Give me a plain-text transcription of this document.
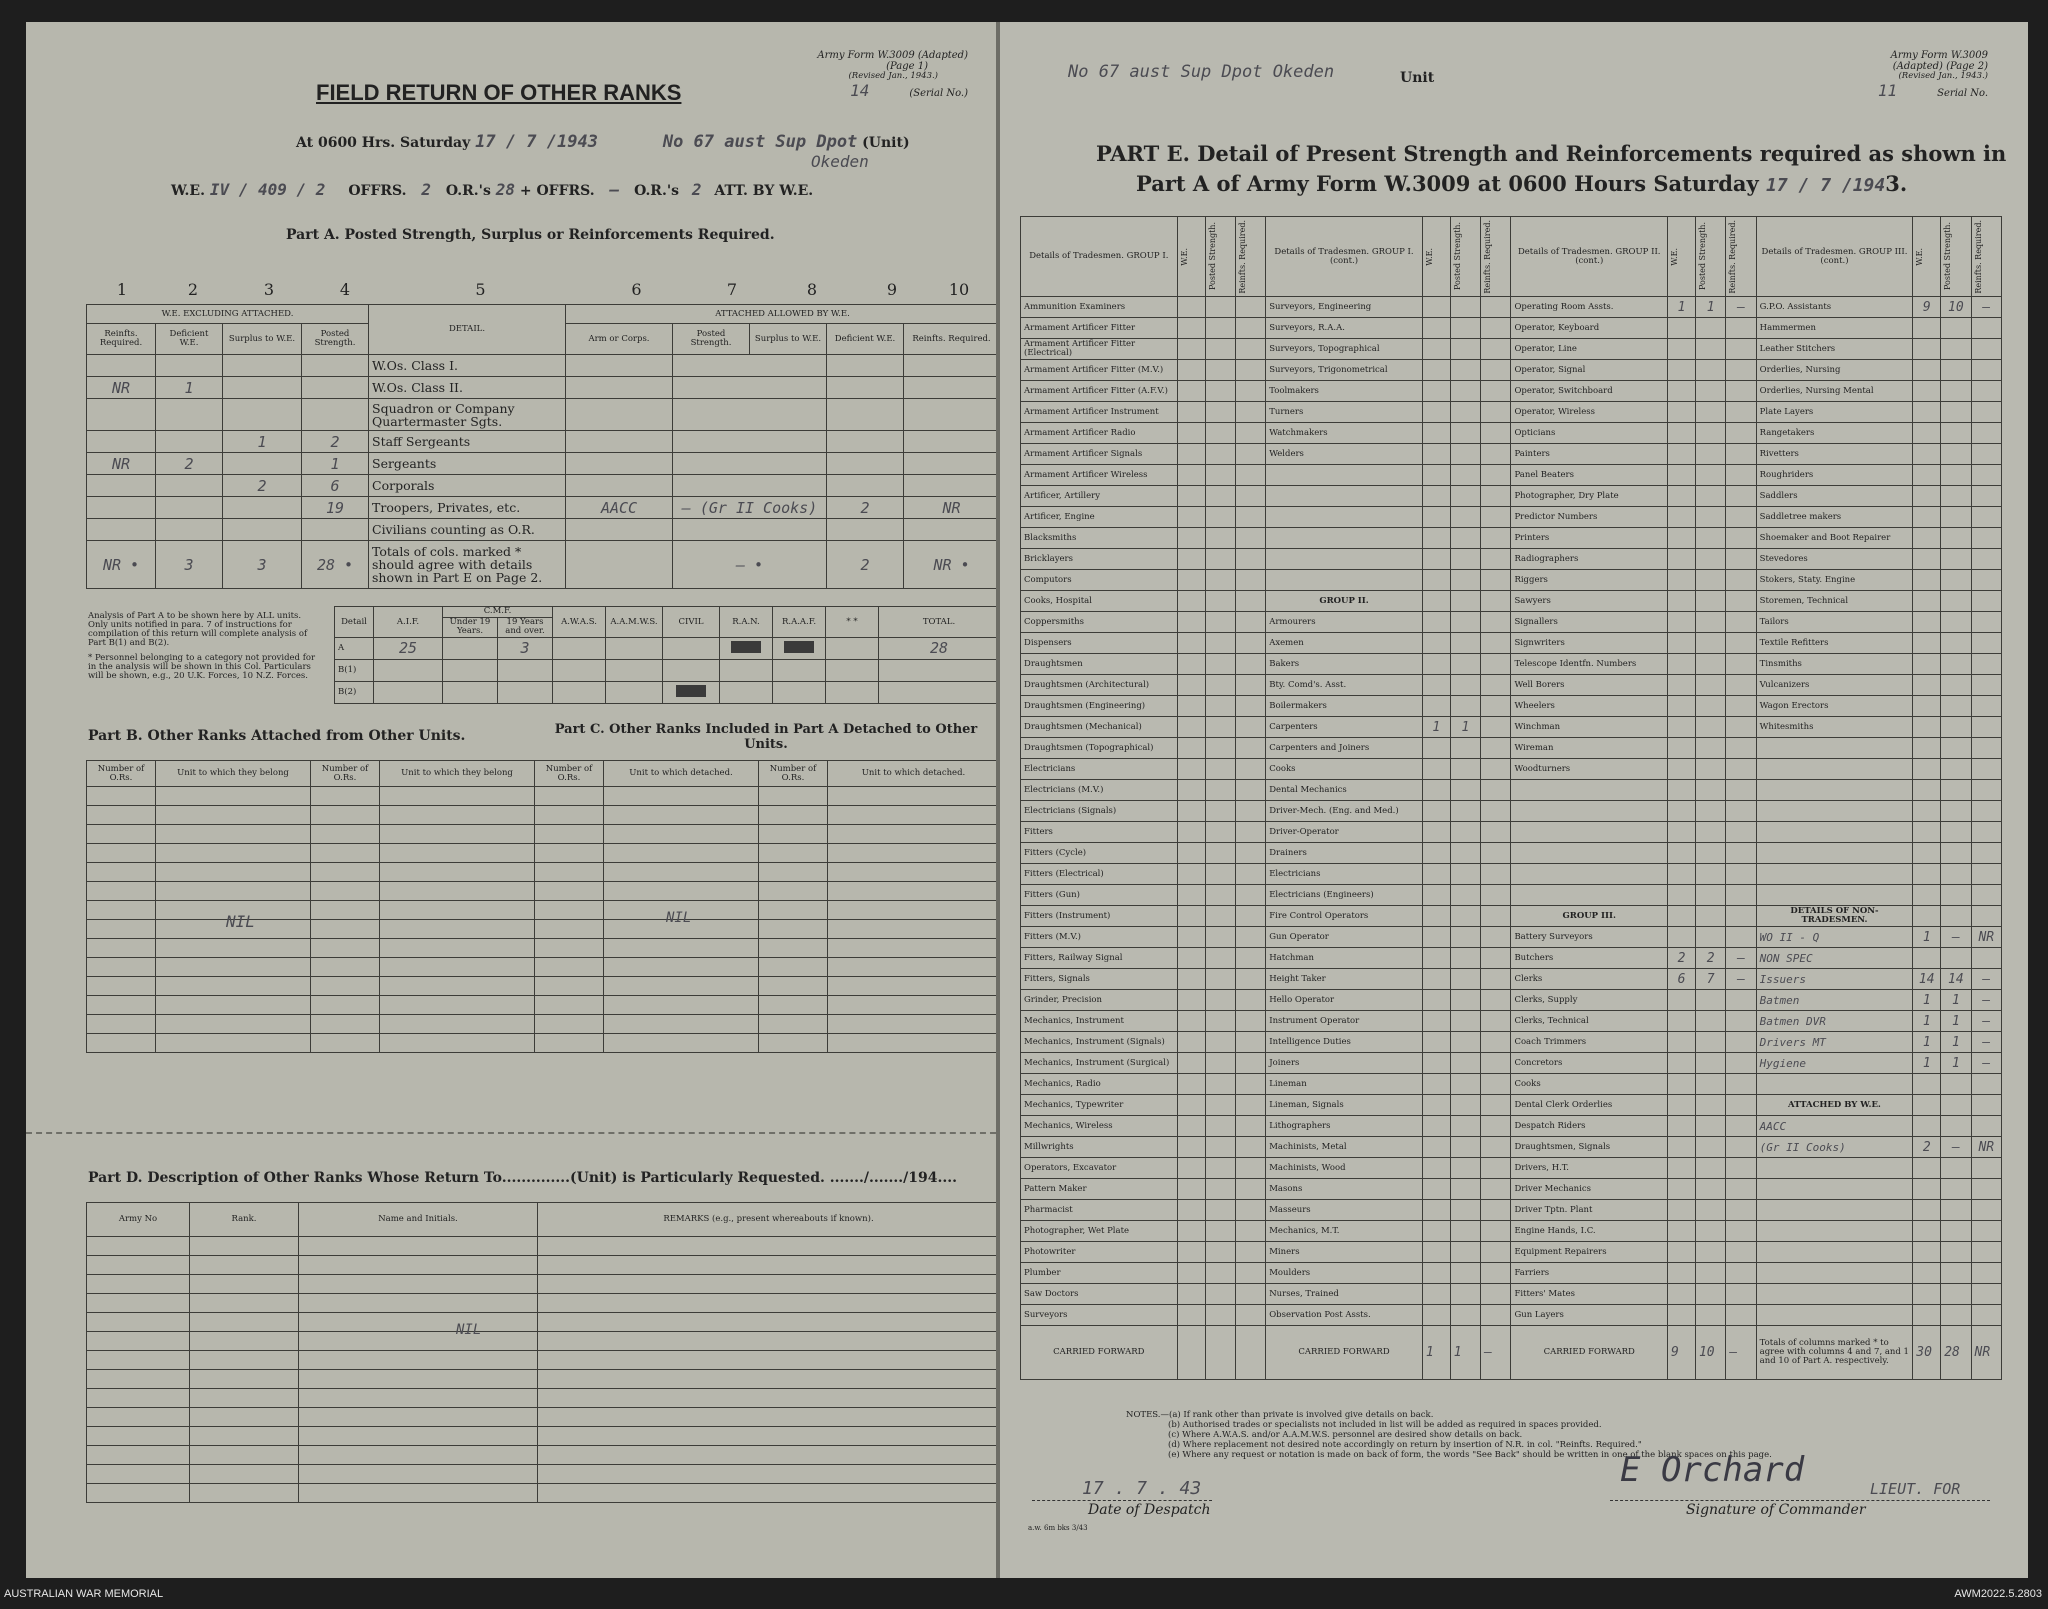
Army Form W.3009 (Adapted)
(Page 1)
(Revised Jan., 1943.)
14	(Serial No.)
FIELD RETURN OF OTHER RANKS
At 0600 Hrs. Saturday 17 / 7 /1943	No 67 aust Sup Dpot (Unit)
Okeden
W.E. IV / 409 / 2 OFFRS. 2 O.R.'s 28 + OFFRS. — O.R.'s 2 ATT. BY W.E.
Part A. Posted Strength, Surplus or Reinforcements Required.
1	2	3	4	5	6	7	8	9	10
W.E. EXCLUDING ATTACHED.				DETAIL.	ATTACHED ALLOWED BY W.E.				
Reinfts. Required.	Deficient W.E.	Surplus to W.E.	Posted Strength.		Arm or Corps.	Posted Strength.	Surplus to W.E.	Deficient W.E.	Reinfts. Required.
				W.Os. Class I.					
NR	1			W.Os. Class II.					
				Squadron or Company Quartermaster Sgts.					
		1	2	Staff Sergeants					
NR	2		1	Sergeants					
		2	6	Corporals					
			19	Troopers, Privates, etc.	AACC	— (Gr II Cooks)		2	NR
				Civilians counting as O.R.					
NR •	3	3	28 •	Totals of cols. marked * should agree with details shown in Part E on Page 2.		— •		2	NR •
Analysis of Part A to be shown here by ALL units. Only units notified in para. 7 of instructions for compilation of this return will complete analysis of Part B(1) and B(2).
* Personnel belonging to a category not provided for in the analysis will be shown in this Col. Particulars will be shown, e.g., 20 U.K. Forces, 10 N.Z. Forces.
Detail	A.I.F.	C.M.F.		A.W.A.S.	A.A.M.W.S.	CIVIL	R.A.N.	R.A.A.F.	* *	TOTAL.
		Under 19 Years.	19 Years and over.							
A	25		3							28
B(1)										
B(2)										
Part B. Other Ranks Attached from Other Units.	Part C. Other Ranks Included in Part A Detached to Other Units.
Number of O.Rs.	Unit to which they belong	Number of O.Rs.	Unit to which they belong	Number of O.Rs.	Unit to which detached.	Number of O.Rs.	Unit to which detached.

NIL	NIL
Part D. Description of Other Ranks Whose Return To..............(Unit) is Particularly Requested. ......./......./194....
Army No	Rank.	Name and Initials.	REMARKS (e.g., present whereabouts if known).

NIL
No 67 aust Sup Dpot Okeden	Unit
Army Form W.3009
(Adapted) (Page 2)
(Revised Jan., 1943.)
11	Serial No.
PART E. Detail of Present Strength and Reinforcements required as shown in
Part A of Army Form W.3009 at 0600 Hours Saturday 17 / 7 /1943.
Details of Tradesmen. GROUP I.	W.E.	Posted Strength.	Reinfts. Required.	Details of Tradesmen. GROUP I. (cont.)	W.E.	Posted Strength.	Reinfts. Required.	Details of Tradesmen. GROUP II. (cont.)	W.E.	Posted Strength.	Reinfts. Required.	Details of Tradesmen. GROUP III. (cont.)	W.E.	Posted Strength.	Reinfts. Required.

Ammunition Examiners				Surveyors, Engineering				Operating Room Assts.	1	1	—	G.P.O. Assistants	9	10	—
Armament Artificer Fitter				Surveyors, R.A.A.				Operator, Keyboard				Hammermen			
Armament Artificer Fitter (Electrical)				Surveyors, Topographical				Operator, Line				Leather Stitchers			
Armament Artificer Fitter (M.V.)				Surveyors, Trigonometrical				Operator, Signal				Orderlies, Nursing			
Armament Artificer Fitter (A.F.V.)				Toolmakers				Operator, Switchboard				Orderlies, Nursing Mental			
Armament Artificer Instrument				Turners				Operator, Wireless				Plate Layers			
Armament Artificer Radio				Watchmakers				Opticians				Rangetakers			
Armament Artificer Signals				Welders				Painters				Rivetters			
Armament Artificer Wireless								Panel Beaters				Roughriders			
Artificer, Artillery								Photographer, Dry Plate				Saddlers			
Artificer, Engine								Predictor Numbers				Saddletree makers			
Blacksmiths								Printers				Shoemaker and Boot Repairer			
Bricklayers								Radiographers				Stevedores			
Computors								Riggers				Stokers, Staty. Engine			
Cooks, Hospital				GROUP II.				Sawyers				Storemen, Technical			
Coppersmiths				Armourers				Signallers				Tailors			
Dispensers				Axemen				Signwriters				Textile Refitters			
Draughtsmen				Bakers				Telescope Identfn. Numbers				Tinsmiths			
Draughtsmen (Architectural)				Bty. Comd's. Asst.				Well Borers				Vulcanizers			
Draughtsmen (Engineering)				Boilermakers				Wheelers				Wagon Erectors			
Draughtsmen (Mechanical)				Carpenters	1	1		Winchman				Whitesmiths			
Draughtsmen (Topographical)				Carpenters and Joiners				Wireman							
Electricians				Cooks				Woodturners							
Electricians (M.V.)				Dental Mechanics											
Electricians (Signals)				Driver-Mech. (Eng. and Med.)											
Fitters				Driver-Operator											
Fitters (Cycle)				Drainers											
Fitters (Electrical)				Electricians											
Fitters (Gun)				Electricians (Engineers)											
Fitters (Instrument)				Fire Control Operators				GROUP III.				DETAILS OF NON-TRADESMEN.			
Fitters (M.V.)				Gun Operator				Battery Surveyors				WO II - Q	1	—	NR
Fitters, Railway Signal				Hatchman				Butchers	2	2	—	NON SPEC			
Fitters, Signals				Height Taker				Clerks	6	7	—	Issuers	14	14	—
Grinder, Precision				Hello Operator				Clerks, Supply				Batmen	1	1	—
Mechanics, Instrument				Instrument Operator				Clerks, Technical				Batmen DVR	1	1	—
Mechanics, Instrument (Signals)				Intelligence Duties				Coach Trimmers				Drivers MT	1	1	—
Mechanics, Instrument (Surgical)				Joiners				Concretors				Hygiene	1	1	—
Mechanics, Radio				Lineman				Cooks							
Mechanics, Typewriter				Lineman, Signals				Dental Clerk Orderlies				ATTACHED BY W.E.			
Mechanics, Wireless				Lithographers				Despatch Riders				AACC			
Millwrights				Machinists, Metal				Draughtsmen, Signals				(Gr II Cooks)	2	—	NR
Operators, Excavator				Machinists, Wood				Drivers, H.T.							
Pattern Maker				Masons				Driver Mechanics							
Pharmacist				Masseurs				Driver Tptn. Plant							
Photographer, Wet Plate				Mechanics, M.T.				Engine Hands, I.C.							
Photowriter				Miners				Equipment Repairers							
Plumber				Moulders				Farriers							
Saw Doctors				Nurses, Trained				Fitters' Mates							
Surveyors				Observation Post Assts.				Gun Layers							
CARRIED FORWARD				CARRIED FORWARD	1	1	—	CARRIED FORWARD	9	10	—	Totals of columns marked * to agree with columns 4 and 7, and 1 and 10 of Part A. respectively.	30	28	NR
NOTES.—(a) If rank other than private is involved give details on back.
(b) Authorised trades or specialists not included in list will be added as required in spaces provided.
(c) Where A.W.A.S. and/or A.A.M.W.S. personnel are desired show details on back.
(d) Where replacement not desired note accordingly on return by insertion of N.R. in col. "Reinfts. Required."
(e) Where any request or notation is made on back of form, the words "See Back" should be written in one of the blank spaces on this page.
17 . 7 . 43
Date of Despatch
a.w. 6m bks 3/43
E Orchard	LIEUT. FOR
Signature of Commander
AUSTRALIAN WAR MEMORIAL	AWM2022.5.2803
